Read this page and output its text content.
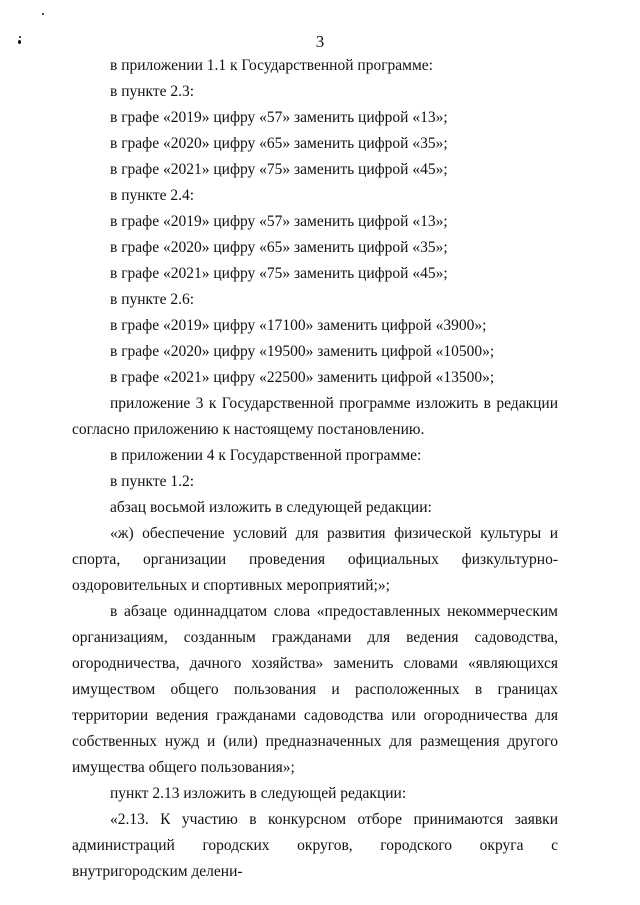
3

в приложении 1.1 к Государственной программе:

в пункте 2.3:

в графе «2019» цифру «57» заменить цифрой «13»;

в графе «2020» цифру «65» заменить цифрой «35»;

в графе «2021» цифру «75» заменить цифрой «45»;

в пункте 2.4:

в графе «2019» цифру «57» заменить цифрой «13»;

в графе «2020» цифру «65» заменить цифрой «35»;

в графе «2021» цифру «75» заменить цифрой «45»;

в пункте 2.6:

в графе «2019» цифру «17100» заменить цифрой «3900»;

в графе «2020» цифру «19500» заменить цифрой «10500»;

в графе «2021» цифру «22500» заменить цифрой «13500»;

приложение 3 к Государственной программе изложить в редакции согласно приложению к настоящему постановлению.

в приложении 4 к Государственной программе:

в пункте 1.2:

абзац восьмой изложить в следующей редакции:

«ж) обеспечение условий для развития физической культуры и спорта, организации проведения официальных физкультурно-оздоровительных и спортивных мероприятий;»;

в абзаце одиннадцатом слова «предоставленных некоммерческим организациям, созданным гражданами для ведения садоводства, огородничества, дачного хозяйства» заменить словами «являющихся имуществом общего пользования и расположенных в границах территории ведения гражданами садоводства или огородничества для собственных нужд и (или) предназначенных для размещения другого имущества общего пользования»;

пункт 2.13 изложить в следующей редакции:

«2.13. К участию в конкурсном отборе принимаются заявки администраций городских округов, городского округа с внутригородским делени-
